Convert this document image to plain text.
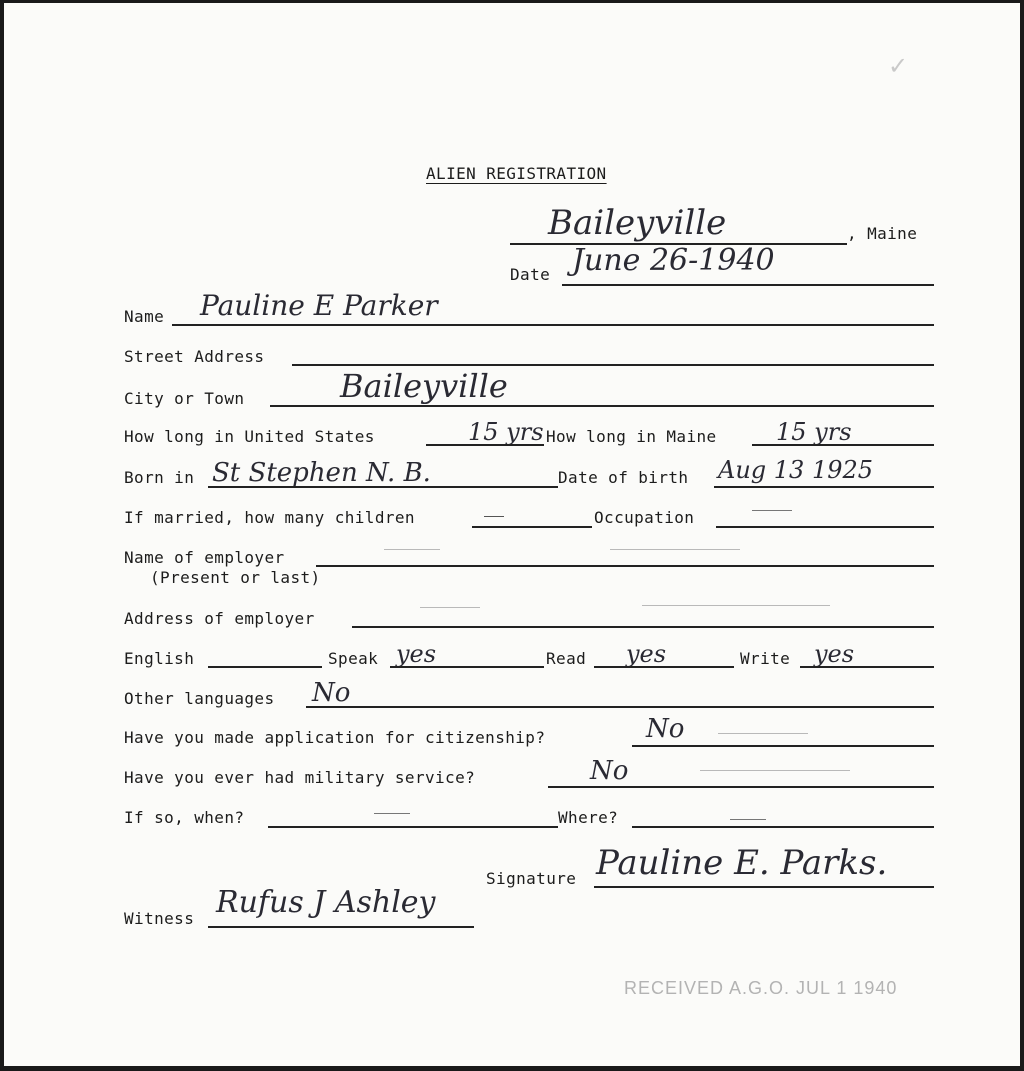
✓
ALIEN REGISTRATION
Baileyville	, Maine
Date June 26-1940
Name Pauline E Parker
Street Address
City or Town	Baileyville
How long in United States	15 yrs How long in Maine 15 yrs
Born in St Stephen N. B.	Date of birth Aug 13 1925
If married, how many children	Occupation
Name of employer
(Present or last)
Address of employer
English	Speak yes	Read yes	Write yes
Other languages No
Have you made application for citizenship?	No
Have you ever had military service?	No
If so, when?	Where?
Signature Pauline E. Parks.
Witness Rufus J Ashley
RECEIVED A.G.O. JUL 1 1940
